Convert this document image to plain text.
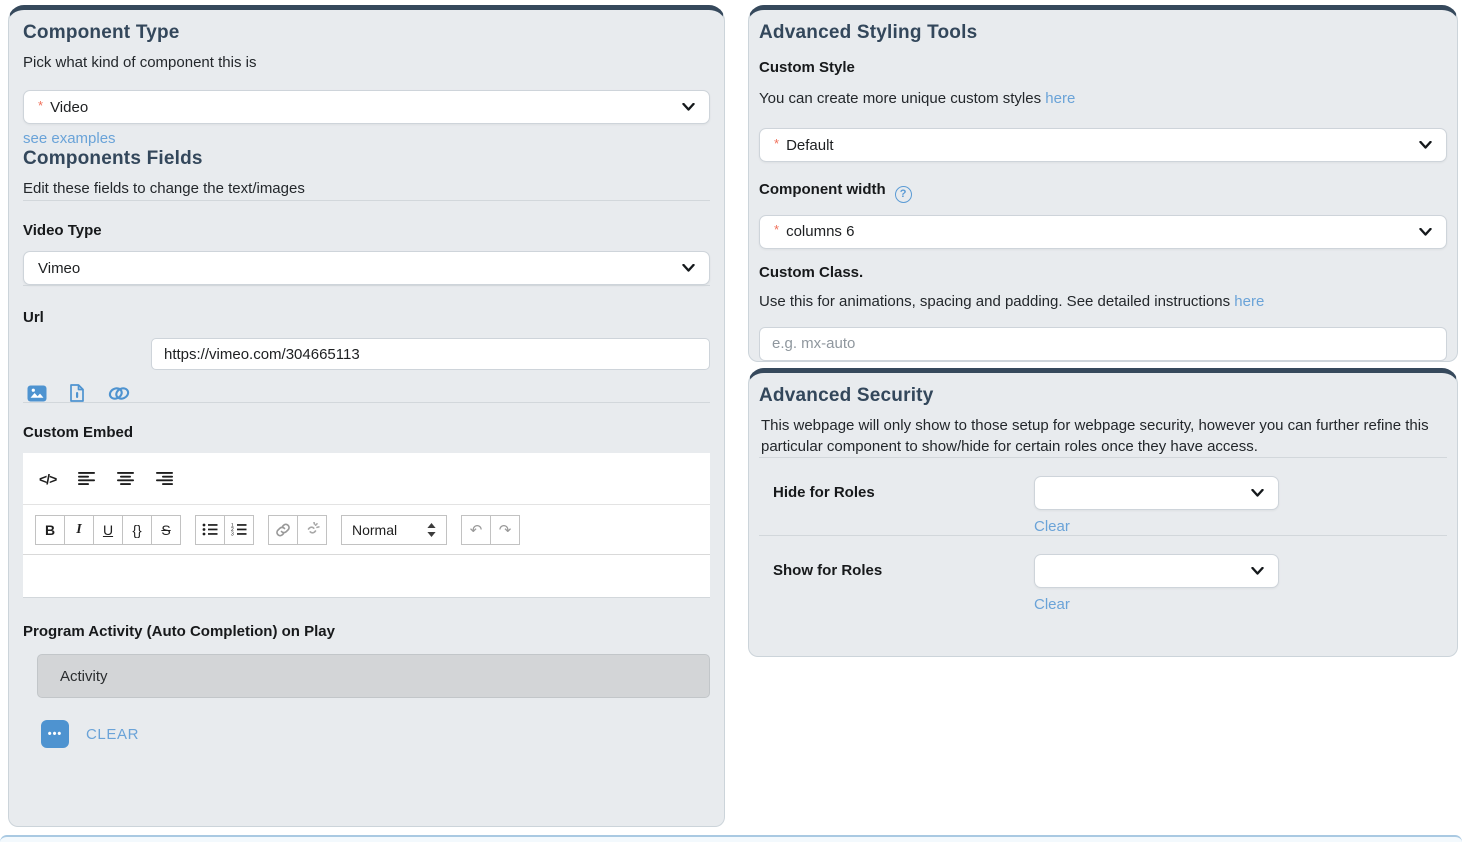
Component Type

Pick what kind of component this is

* Video
see examples
Components Fields

Edit these fields to change the text/images

Video Type
Vimeo
Url
https://vimeo.com/304665113
Custom Embed
</>
B	I	U	{}	S	1
2
3	Normal	↶	↷
Program Activity (Auto Completion) on Play
Activity
••• CLEAR
Advanced Styling Tools
Custom Style

You can create more unique custom styles here

* Default
Component width ?
* columns 6
Custom Class.

Use this for animations, spacing and padding. See detailed instructions here

e.g. mx-auto
Advanced Security

This webpage will only show to those setup for webpage security, however you can further refine this particular component to show/hide for certain roles once they have access.

Hide for Roles
Clear
Show for Roles
Clear
